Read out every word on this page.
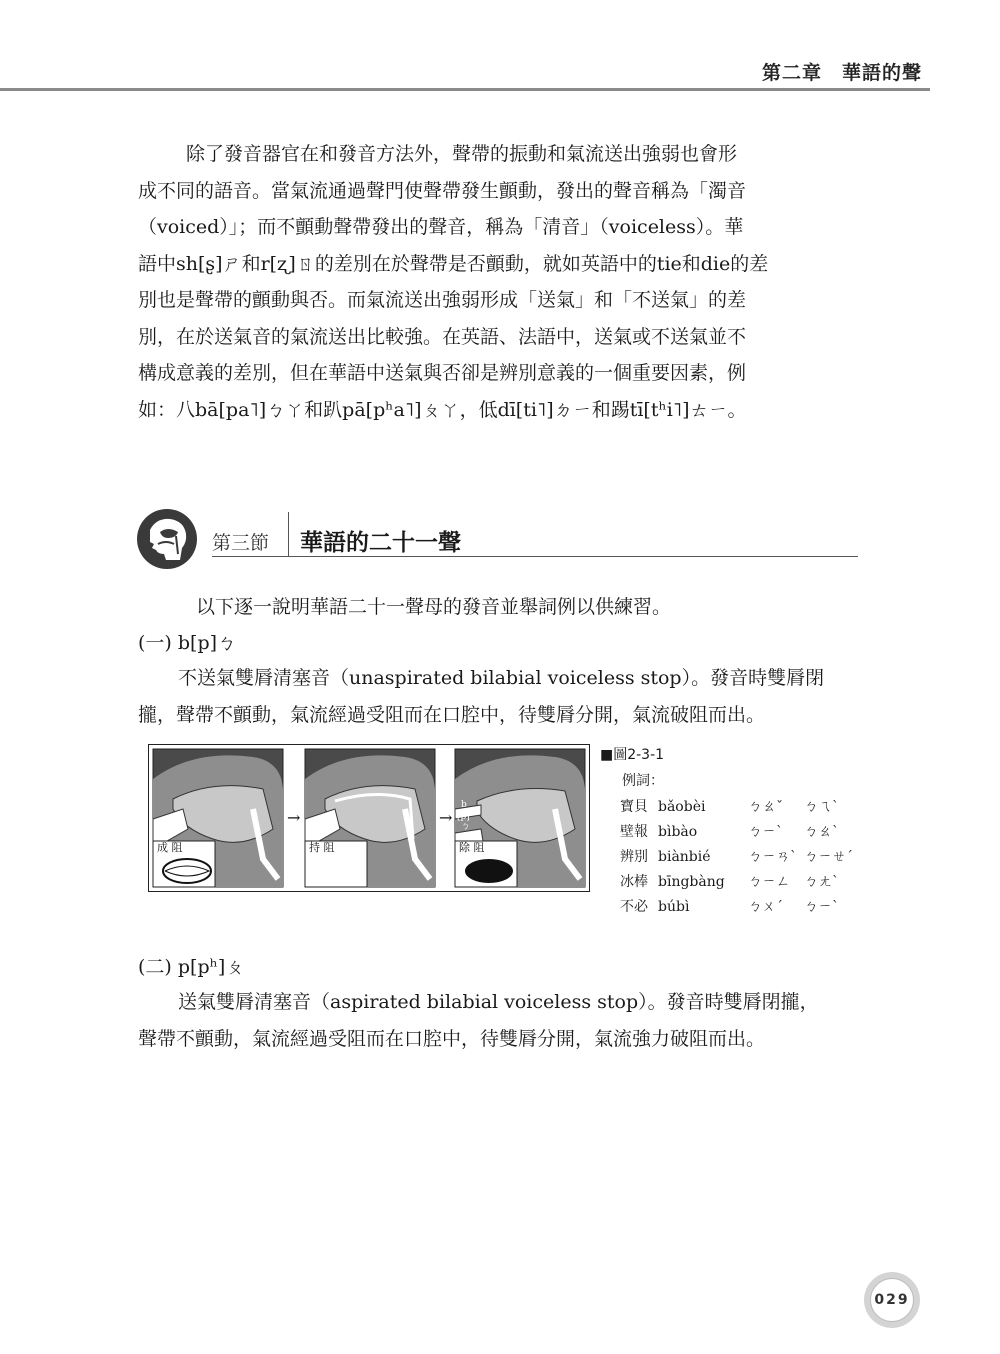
第二章　華語的聲
除了發音器官在和發音方法外，聲帶的振動和氣流送出強弱也會形
成不同的語音。當氣流通過聲門使聲帶發生顫動，發出的聲音稱為「濁音
（voiced）」；而不顫動聲帶發出的聲音，稱為「清音」（voiceless）。華
語中sh[ʂ]ㄕ和r[ʐ]ㄖ的差別在於聲帶是否顫動，就如英語中的tie和die的差
別也是聲帶的顫動與否。而氣流送出強弱形成「送氣」和「不送氣」的差
別，在於送氣音的氣流送出比較強。在英語、法語中，送氣或不送氣並不
構成意義的差別，但在華語中送氣與否卻是辨別意義的一個重要因素，例
如：八bā[pa˥]ㄅㄚ和趴pā[pʰa˥]ㄆㄚ，低dī[ti˥]ㄉㄧ和踢tī[tʰi˥]ㄊㄧ。
第三節 華語的二十一聲
以下逐一說明華語二十一聲母的發音並舉詞例以供練習。
(一) b[p]ㄅ
不送氣雙脣清塞音（unaspirated bilabial voiceless stop）。發音時雙脣閉
攏，聲帶不顫動，氣流經過受阻而在口腔中，待雙脣分開，氣流破阻而出。
成 阻
→
持 阻
→
除 阻
b
[p]
ㄅ
■圖2-3-1
例詞：
寶貝 bǎobèi	ㄅㄠˇ ㄅㄟˋ
壁報 bìbào	ㄅㄧˋ ㄅㄠˋ
辨別 biànbié	ㄅㄧㄢˋ ㄅㄧㄝˊ
冰棒 bīngbàng ㄅㄧㄥ ㄅㄤˋ
不必 búbì	ㄅㄨˊ ㄅㄧˋ
(二) p[pʰ]ㄆ
送氣雙脣清塞音（aspirated bilabial voiceless stop）。發音時雙脣閉攏，
聲帶不顫動，氣流經過受阻而在口腔中，待雙脣分開，氣流強力破阻而出。
029
